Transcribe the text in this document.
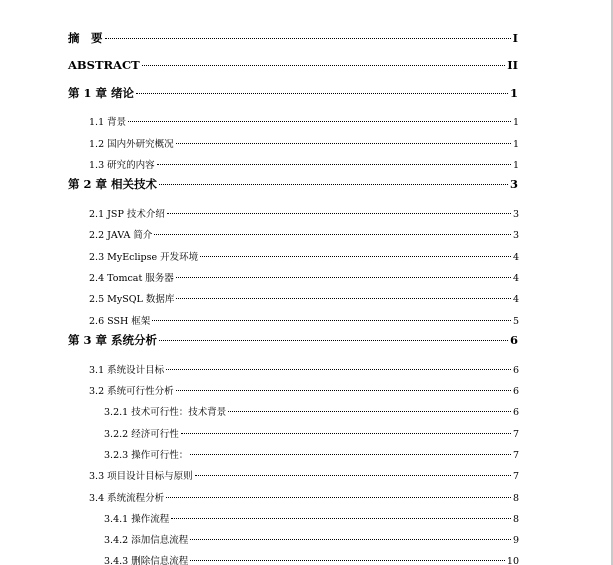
摘　要	I
ABSTRACT	II
第 1 章 绪论	1
1.1 背景	1
1.2 国内外研究概况	1
1.3 研究的内容	1
第 2 章 相关技术	3
2.1 JSP 技术介绍	3
2.2 JAVA 简介	3
2.3 MyEclipse 开发环境	4
2.4 Tomcat 服务器	4
2.5 MySQL 数据库	4
2.6 SSH 框架	5
第 3 章 系统分析	6
3.1 系统设计目标	6
3.2 系统可行性分析	6
3.2.1 技术可行性：技术背景	6
3.2.2 经济可行性	7
3.2.3 操作可行性：	7
3.3 项目设计目标与原则	7
3.4 系统流程分析	8
3.4.1 操作流程	8
3.4.2 添加信息流程	9
3.4.3 删除信息流程	10
